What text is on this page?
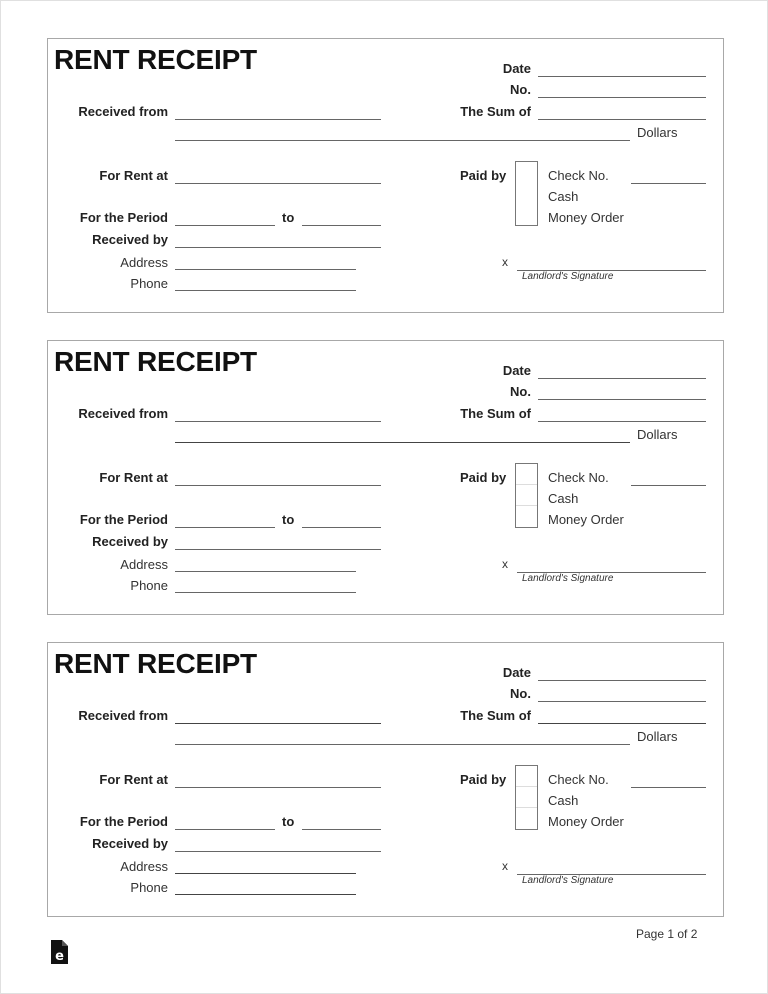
RENT RECEIPT	Date
No.
Received from	The Sum of
Dollars
For Rent at	Paid by	Check No.
Cash
Money Order
For the Period	to
Received by
Address
Phone
x
Landlord's Signature
RENT RECEIPT	Date
No.
Received from	The Sum of
Dollars
For Rent at	Paid by	Check No.
Cash
Money Order
For the Period	to
Received by
Address
Phone
x
Landlord's Signature
RENT RECEIPT	Date
No.
Received from	The Sum of
Dollars
For Rent at	Paid by	Check No.
Cash
Money Order
For the Period	to
Received by
Address
Phone
x
Landlord's Signature
Page 1 of 2
e
